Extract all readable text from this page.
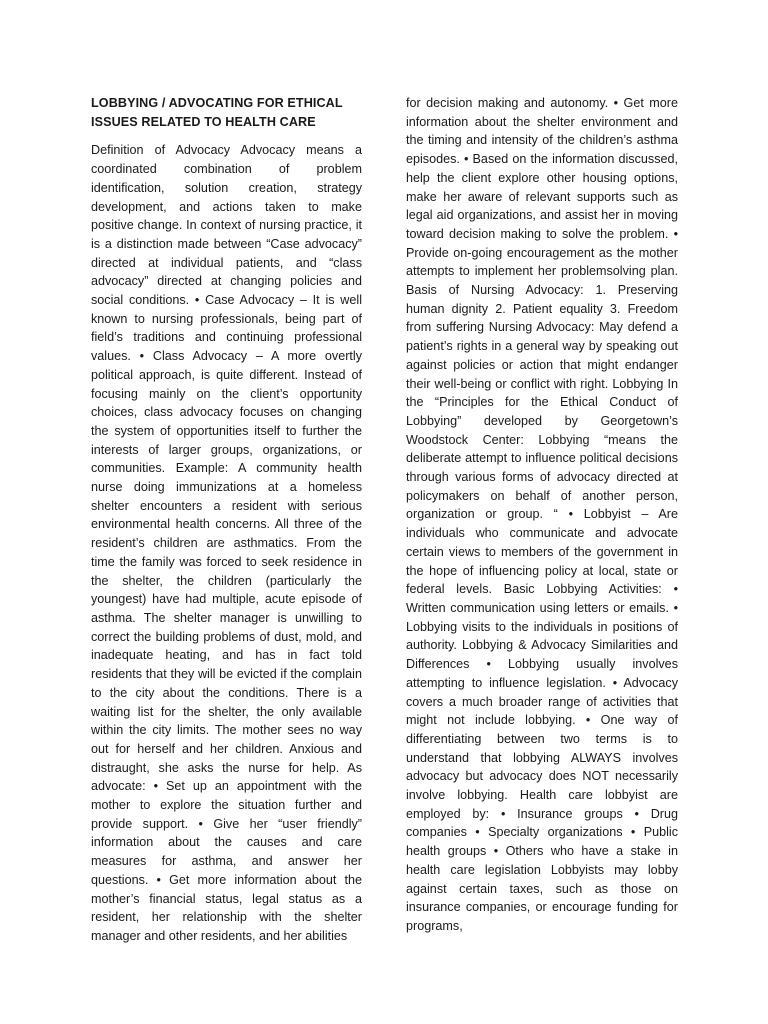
LOBBYING / ADVOCATING FOR ETHICAL ISSUES RELATED TO HEALTH CARE

Definition of Advocacy Advocacy means a coordinated combination of problem identification, solution creation, strategy development, and actions taken to make positive change. In context of nursing practice, it is a distinction made between “Case advocacy” directed at individual patients, and “class advocacy” directed at changing policies and social conditions. • Case Advocacy – It is well known to nursing professionals, being part of field’s traditions and continuing professional values. • Class Advocacy – A more overtly political approach, is quite different. Instead of focusing mainly on the client’s opportunity choices, class advocacy focuses on changing the system of opportunities itself to further the interests of larger groups, organizations, or communities. Example: A community health nurse doing immunizations at a homeless shelter encounters a resident with serious environmental health concerns. All three of the resident’s children are asthmatics. From the time the family was forced to seek residence in the shelter, the children (particularly the youngest) have had multiple, acute episode of asthma. The shelter manager is unwilling to correct the building problems of dust, mold, and inadequate heating, and has in fact told residents that they will be evicted if the complain to the city about the conditions. There is a waiting list for the shelter, the only available within the city limits. The mother sees no way out for herself and her children. Anxious and distraught, she asks the nurse for help. As advocate: • Set up an appointment with the mother to explore the situation further and provide support. • Give her “user friendly” information about the causes and care measures for asthma, and answer her questions. • Get more information about the mother’s financial status, legal status as a resident, her relationship with the shelter manager and other residents, and her abilities

for decision making and autonomy. • Get more information about the shelter environment and the timing and intensity of the children’s asthma episodes. • Based on the information discussed, help the client explore other housing options, make her aware of relevant supports such as legal aid organizations, and assist her in moving toward decision making to solve the problem. • Provide on-going encouragement as the mother attempts to implement her problem⁠solving plan. Basis of Nursing Advocacy: 1. Preserving human dignity 2. Patient equality 3. Freedom from suffering Nursing Advocacy: May defend a patient’s rights in a general way by speaking out against policies or action that might endanger their well-being or conflict with right. Lobbying In the “Principles for the Ethical Conduct of Lobbying” developed by Georgetown’s Woodstock Center: Lobbying “means the deliberate attempt to influence political decisions through various forms of advocacy directed at policymakers on behalf of another person, organization or group. “ • Lobbyist – Are individuals who communicate and advocate certain views to members of the government in the hope of influencing policy at local, state or federal levels. Basic Lobbying Activities: • Written communication using letters or emails. • Lobbying visits to the individuals in positions of authority. Lobbying & Advocacy Similarities and Differences • Lobbying usually involves attempting to influence legislation. • Advocacy covers a much broader range of activities that might not include lobbying. • One way of differentiating between two terms is to understand that lobbying ALWAYS involves advocacy but advocacy does NOT necessarily involve lobbying. Health care lobbyist are employed by: • Insurance groups • Drug companies • Specialty organizations • Public health groups • Others who have a stake in health care legislation Lobbyists may lobby against certain taxes, such as those on insurance companies, or encourage funding for programs,
